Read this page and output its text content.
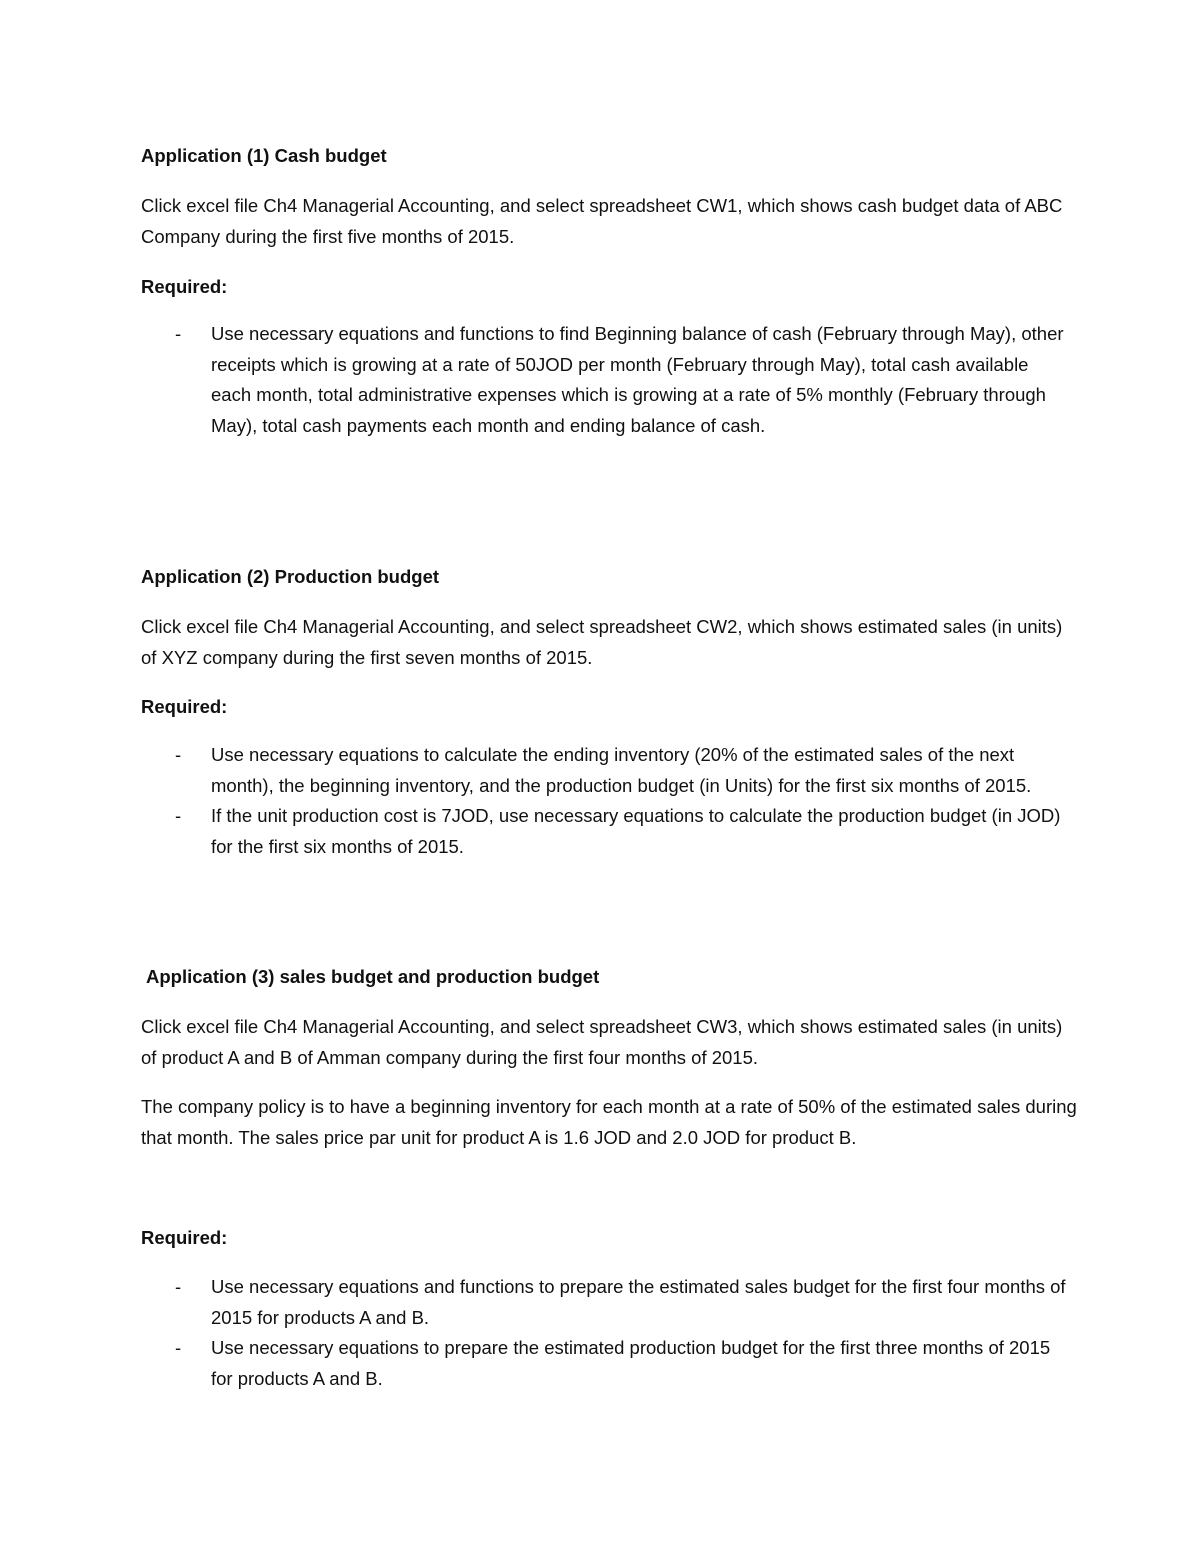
Application (1) Cash budget

Click excel file Ch4 Managerial Accounting, and select spreadsheet CW1, which shows cash budget data of ABC Company during the first five months of 2015.

Required:
- Use necessary equations and functions to find Beginning balance of cash (February through May), other receipts which is growing at a rate of 50JOD per month (February through May), total cash available each month, total administrative expenses which is growing at a rate of 5% monthly (February through May), total cash payments each month and ending balance of cash.
Application (2) Production budget

Click excel file Ch4 Managerial Accounting, and select spreadsheet CW2, which shows estimated sales (in units) of XYZ company during the first seven months of 2015.

Required:
- Use necessary equations to calculate the ending inventory (20% of the estimated sales of the next month), the beginning inventory, and the production budget (in Units) for the first six months of 2015.
- If the unit production cost is 7JOD, use necessary equations to calculate the production budget (in JOD) for the first six months of 2015.
Application (3) sales budget and production budget

Click excel file Ch4 Managerial Accounting, and select spreadsheet CW3, which shows estimated sales (in units) of product A and B of Amman company during the first four months of 2015.

The company policy is to have a beginning inventory for each month at a rate of 50% of the estimated sales during that month. The sales price par unit for product A is 1.6 JOD and 2.0 JOD for product B.

Required:
- Use necessary equations and functions to prepare the estimated sales budget for the first four months of 2015 for products A and B.
- Use necessary equations to prepare the estimated production budget for the first three months of 2015 for products A and B.
